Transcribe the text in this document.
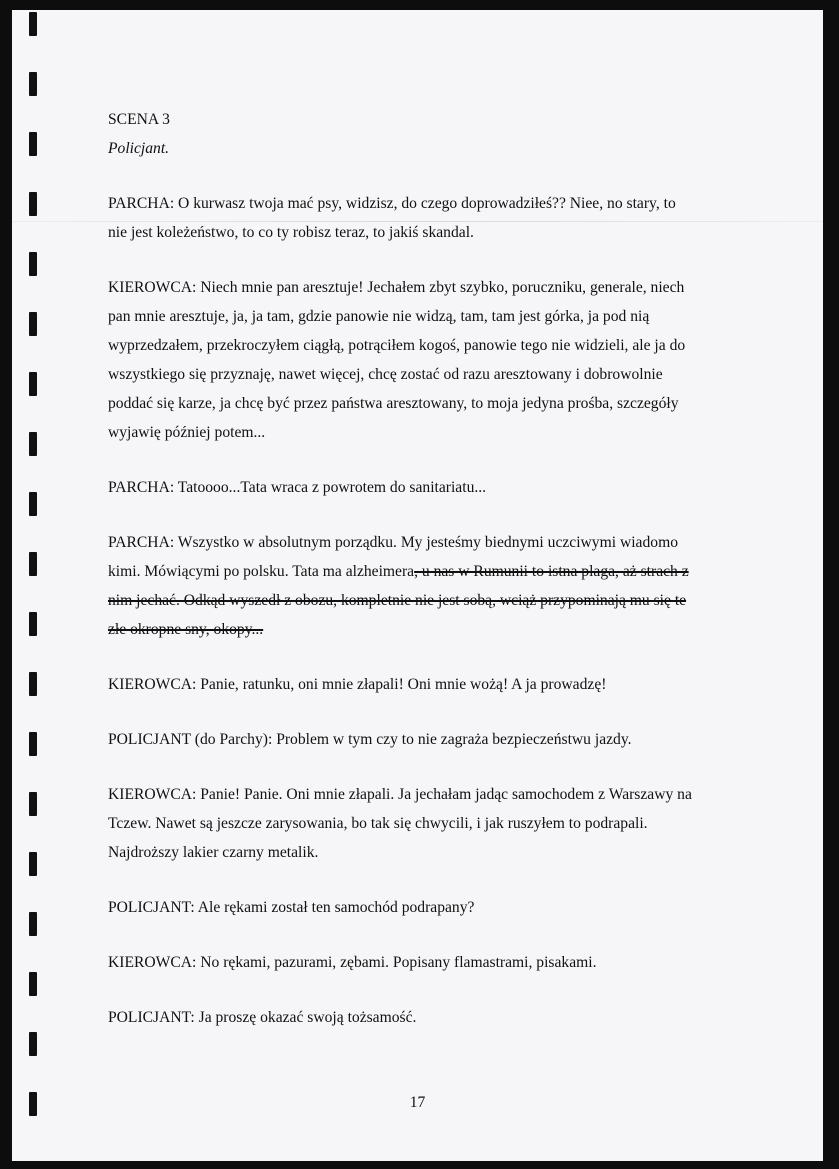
SCENA 3
Policjant.
PARCHA: O kurwasz twoja mać psy, widzisz, do czego doprowadziłeś?? Niee, no stary, to
nie jest koleżeństwo, to co ty robisz teraz, to jakiś skandal.
KIEROWCA: Niech mnie pan aresztuje! Jechałem zbyt szybko, poruczniku, generale, niech
pan mnie aresztuje, ja, ja tam, gdzie panowie nie widzą, tam, tam jest górka, ja pod nią
wyprzedzałem, przekroczyłem ciągłą, potrąciłem kogoś, panowie tego nie widzieli, ale ja do
wszystkiego się przyznaję, nawet więcej, chcę zostać od razu aresztowany i dobrowolnie
poddać się karze, ja chcę być przez państwa aresztowany, to moja jedyna prośba, szczegóły
wyjawię później potem...
PARCHA: Tatoooo...Tata wraca z powrotem do sanitariatu...
PARCHA: Wszystko w absolutnym porządku. My jesteśmy biednymi uczciwymi wiadomo
kimi. Mówiącymi po polsku. Tata ma alzheimera, u nas w Rumunii to istna plaga, aż strach z
nim jechać. Odkąd wyszedł z obozu, kompletnie nie jest sobą, wciąż przypominają mu się te
złe okropne sny, okopy...
KIEROWCA: Panie, ratunku, oni mnie złapali! Oni mnie wożą! A ja prowadzę!
POLICJANT (do Parchy): Problem w tym czy to nie zagraża bezpieczeństwu jazdy.
KIEROWCA: Panie! Panie. Oni mnie złapali. Ja jechałam jadąc samochodem z Warszawy na
Tczew. Nawet są jeszcze zarysowania, bo tak się chwycili, i jak ruszyłem to podrapali.
Najdroższy lakier czarny metalik.
POLICJANT: Ale rękami został ten samochód podrapany?
KIEROWCA: No rękami, pazurami, zębami. Popisany flamastrami, pisakami.
POLICJANT: Ja proszę okazać swoją tożsamość.
17
